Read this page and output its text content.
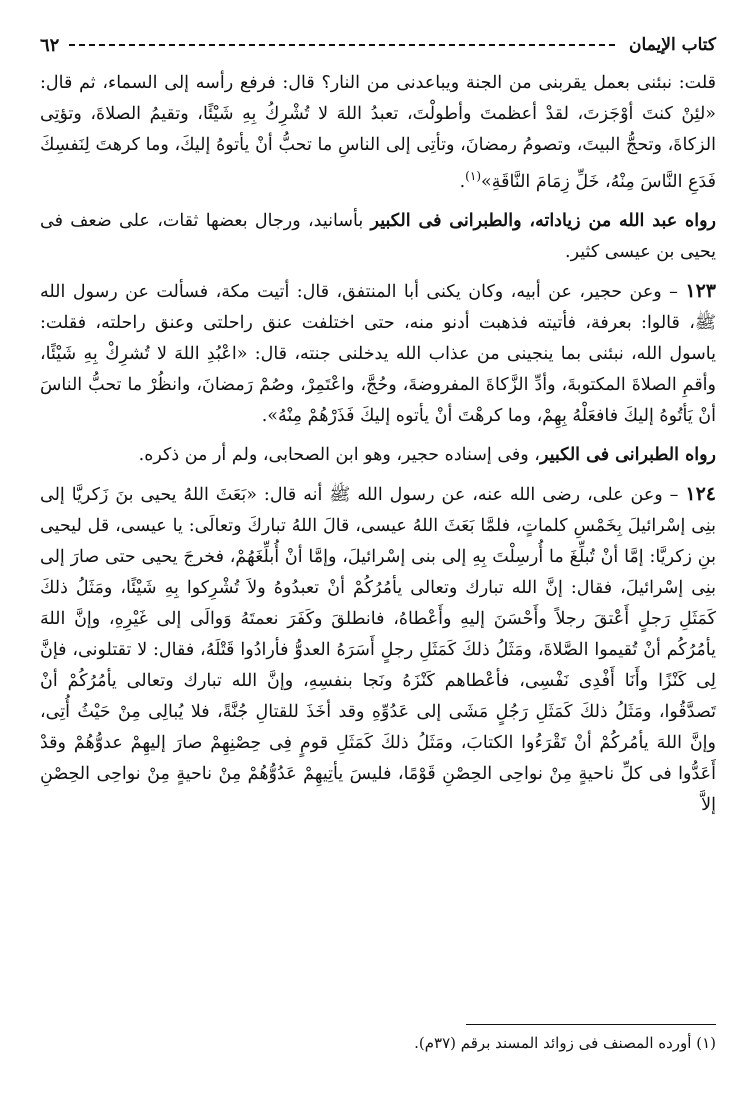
كتاب الإيمان
٦٢

قلت: نبئنى بعمل يقربنى من الجنة ويباعدنى من النار؟ قال: فرفع رأسه إلى السماء، ثم قال: «لئِنْ كنتَ أوْجَزتَ، لقدْ أعظمتَ وأطولْتَ، تعبدُ اللهَ لا تُشْرِكُ بِهِ شَيْئًا، وتقيمُ الصلاةَ، وتؤتِى الزكاةَ، وتحجُّ البيتَ، وتصومُ رمضانَ، وتأتِى إلى الناسِ ما تحبُّ أنْ يأتوهُ إليكَ، وما كرهتَ لِنَفسِكَ فَدَعِ النَّاسَ مِنْهُ، خَلِّ زِمَامَ النَّاقَةِ»$^{(١)}$.

رواه عبد الله من زياداته، والطبرانى فى الكبير بأسانيد، ورجال بعضها ثقات، على ضعف فى يحيى بن عيسى كثير.

١٢٣ – وعن حجير، عن أبيه، وكان يكنى أبا المنتفق، قال: أتيت مكة، فسألت عن رسول الله ﷺ، قالوا: بعرفة، فأتيته فذهبت أدنو منه، حتى اختلفت عنق راحلتى وعنق راحلته، فقلت: ياسول الله، نبئنى بما ينجينى من عذاب الله يدخلنى جنته، قال: «اعْبُدِ اللهَ لا تُشرِكْ بِهِ شَيْئًا، وأقمِ الصلاةَ المكتوبةَ، وأدِّ الزَّكاةَ المفروضةَ، وحُجَّ، واعْتَمِرْ، وصُمْ رَمضانَ، وانظُرْ ما تحبُّ الناسَ أنْ يَأتُوهُ إليكَ فافعَلْهُ بِهِمْ، وما كرهْتَ أنْ يأتوه إليكَ فَذَرْهُمْ مِنْهُ».

رواه الطبرانى فى الكبير، وفى إسناده حجير، وهو ابن الصحابى، ولم أر من ذكره.

١٢٤ – وعن على، رضى الله عنه، عن رسول الله ﷺ أنه قال: «بَعَثَ اللهُ يحيى بنَ زَكريَّا إلى بنِى إسْرائيلَ بِخَمْسِ كلماتٍ، فلمَّا بَعَثَ اللهُ عيسى، قالَ اللهُ تباركَ وتعالَى: يا عيسى، قل ليحيى بنِ زكريَّا: إمَّا أنْ تُبلِّغَ ما أُرسِلْتَ بِهِ إلى بنى إسْرائيلَ، وإمَّا أنْ أُبلِّغَهُمْ، فخرجَ يحيى حتى صارَ إلى بنِى إسْرائيلَ، فقال: إنَّ الله تبارك وتعالى يأمُرُكُمْ أنْ تعبدُوهُ ولاَ تُشْرِكوا بِهِ شَيْئًا، ومَثَلُ ذلكَ كَمَثَلِ رَجلٍ أَعْتقَ رجلاً وأَحْسَنَ إليهِ وأَعْطاهُ، فانطلقَ وكَفَرَ نعمتَهُ وَوالَى إلى غَيْرِهِ، وإنَّ اللهَ يأمُرُكُم أنْ تُقيموا الصَّلاةَ، ومَثَلُ ذلكَ كَمَثَلِ رجلٍ أَسَرَهُ العدوُّ فأرادُوا قَتْلَهُ، فقال: لا تقتلونى، فإنَّ لِى كَنْزًا وأَنَا أَفْدِى نَفْسِى، فأعْطاهم كَنْزَهُ ونَجا بنفسِهِ، وإنَّ الله تبارك وتعالى يأمُرُكُمْ أنْ تَصدَّقُوا، ومَثَلُ ذلكَ كَمَثَلِ رَجُلٍ مَشَى إلى عَدُوِّهِ وقد أخَذَ للقتالِ جُنَّةً، فلا يُبالِى مِنْ حَيْثُ أُتِى، وإنَّ اللهَ يأمُركُمْ أنْ تَقْرَءُوا الكتابَ، ومَثَلُ ذلكَ كَمَثَلِ قومٍ فِى حِصْنِهِمْ صارَ إليهِمْ عدوُّهُمْ وقدْ أَعَدُّوا فى كلِّ ناحيةٍ مِنْ نواحِى الحِصْنِ قَوْمًا، فليسَ يأتِيهِمْ عَدُوُّهُمْ مِنْ ناحيةٍ مِنْ نواحِى الحِصْنِ إلاَّ

(١) أورده المصنف فى زوائد المسند برقم (٣٧م).
